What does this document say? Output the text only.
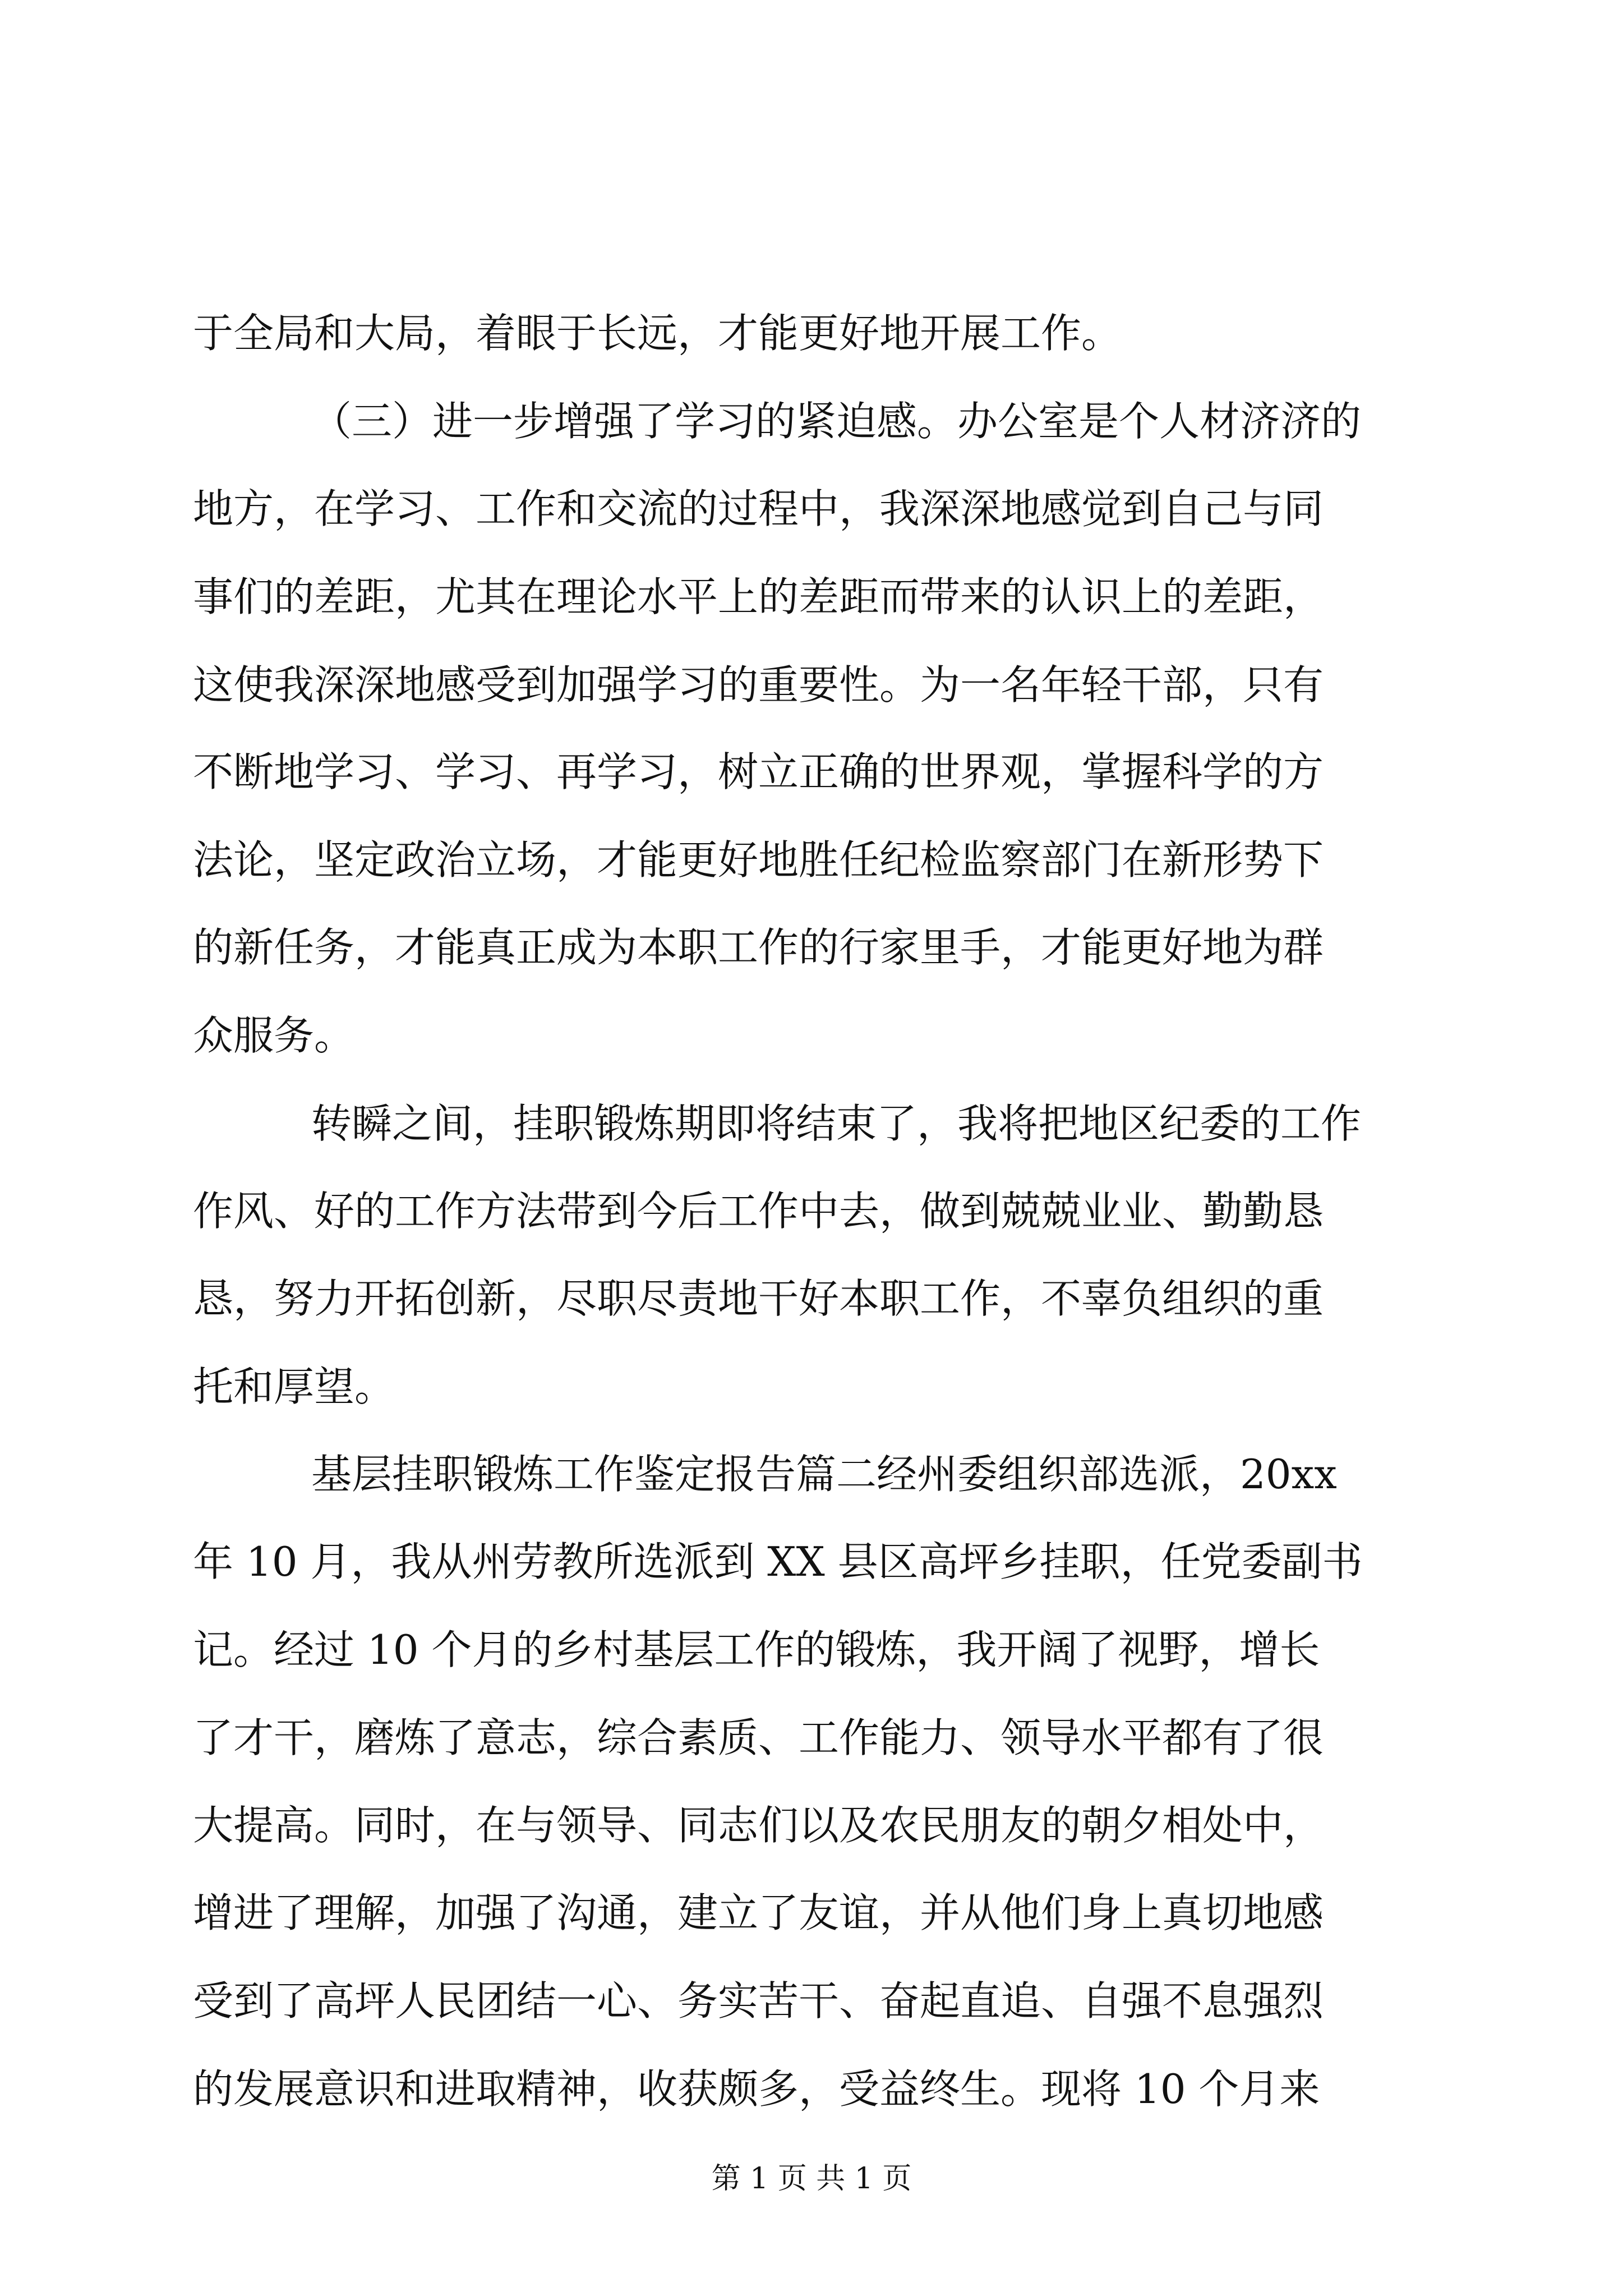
于全局和大局，着眼于长远，才能更好地开展工作。
（三）进一步增强了学习的紧迫感。办公室是个人材济济的
地方，在学习、工作和交流的过程中，我深深地感觉到自己与同
事们的差距，尤其在理论水平上的差距而带来的认识上的差距，
这使我深深地感受到加强学习的重要性。为一名年轻干部，只有
不断地学习、学习、再学习，树立正确的世界观，掌握科学的方
法论，坚定政治立场，才能更好地胜任纪检监察部门在新形势下
的新任务，才能真正成为本职工作的行家里手，才能更好地为群
众服务。
转瞬之间，挂职锻炼期即将结束了，我将把地区纪委的工作
作风、好的工作方法带到今后工作中去，做到兢兢业业、勤勤恳
恳，努力开拓创新，尽职尽责地干好本职工作，不辜负组织的重
托和厚望。
基层挂职锻炼工作鉴定报告篇二经州委组织部选派，20xx
年 10 月，我从州劳教所选派到 XX 县区高坪乡挂职，任党委副书
记。经过 10 个月的乡村基层工作的锻炼，我开阔了视野，增长
了才干，磨炼了意志，综合素质、工作能力、领导水平都有了很
大提高。同时，在与领导、同志们以及农民朋友的朝夕相处中，
增进了理解，加强了沟通，建立了友谊，并从他们身上真切地感
受到了高坪人民团结一心、务实苦干、奋起直追、自强不息强烈
的发展意识和进取精神，收获颇多，受益终生。现将 10 个月来
第 1 页 共 1 页
